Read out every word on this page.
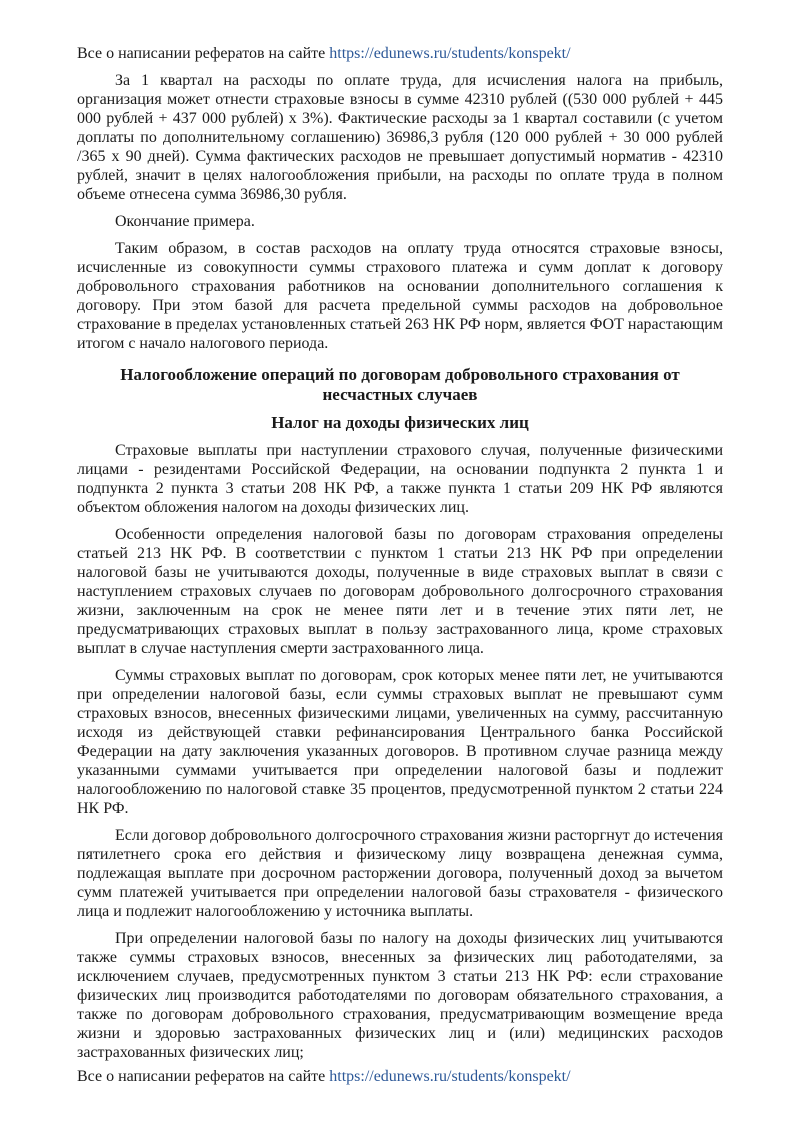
Все о написании рефератов на сайте https://edunews.ru/students/konspekt/

За 1 квартал на расходы по оплате труда, для исчисления налога на прибыль, организация может отнести страховые взносы в сумме 42310 рублей ((530 000 рублей + 445 000 рублей + 437 000 рублей) х 3%). Фактические расходы за 1 квартал составили (с учетом доплаты по дополнительному соглашению) 36986,3 рубля (120 000 рублей + 30 000 рублей /365 х 90 дней). Сумма фактических расходов не превышает допустимый норматив - 42310 рублей, значит в целях налогообложения прибыли, на расходы по оплате труда в полном объеме отнесена сумма 36986,30 рубля.

Окончание примера.

Таким образом, в состав расходов на оплату труда относятся страховые взносы, исчисленные из совокупности суммы страхового платежа и сумм доплат к договору добровольного страхования работников на основании дополнительного соглашения к договору. При этом базой для расчета предельной суммы расходов на добровольное страхование в пределах установленных статьей 263 НК РФ норм, является ФОТ нарастающим итогом с начало налогового периода.

Налогообложение операций по договорам добровольного страхования от несчастных случаев
Налог на доходы физических лиц

Страховые выплаты при наступлении страхового случая, полученные физическими лицами - резидентами Российской Федерации, на основании подпункта 2 пункта 1 и подпункта 2 пункта 3 статьи 208 НК РФ, а также пункта 1 статьи 209 НК РФ являются объектом обложения налогом на доходы физических лиц.

Особенности определения налоговой базы по договорам страхования определены статьей 213 НК РФ. В соответствии с пунктом 1 статьи 213 НК РФ при определении налоговой базы не учитываются доходы, полученные в виде страховых выплат в связи с наступлением страховых случаев по договорам добровольного долгосрочного страхования жизни, заключенным на срок не менее пяти лет и в течение этих пяти лет, не предусматривающих страховых выплат в пользу застрахованного лица, кроме страховых выплат в случае наступления смерти застрахованного лица.

Суммы страховых выплат по договорам, срок которых менее пяти лет, не учитываются при определении налоговой базы, если суммы страховых выплат не превышают сумм страховых взносов, внесенных физическими лицами, увеличенных на сумму, рассчитанную исходя из действующей ставки рефинансирования Центрального банка Российской Федерации на дату заключения указанных договоров. В противном случае разница между указанными суммами учитывается при определении налоговой базы и подлежит налогообложению по налоговой ставке 35 процентов, предусмотренной пунктом 2 статьи 224 НК РФ.

Если договор добровольного долгосрочного страхования жизни расторгнут до истечения пятилетнего срока его действия и физическому лицу возвращена денежная сумма, подлежащая выплате при досрочном расторжении договора, полученный доход за вычетом сумм платежей учитывается при определении налоговой базы страхователя - физического лица и подлежит налогообложению у источника выплаты.

При определении налоговой базы по налогу на доходы физических лиц учитываются также суммы страховых взносов, внесенных за физических лиц работодателями, за исключением случаев, предусмотренных пунктом 3 статьи 213 НК РФ: если страхование физических лиц производится работодателями по договорам обязательного страхования, а также по договорам добровольного страхования, предусматривающим возмещение вреда жизни и здоровью застрахованных физических лиц и (или) медицинских расходов застрахованных физических лиц;

Все о написании рефератов на сайте https://edunews.ru/students/konspekt/
